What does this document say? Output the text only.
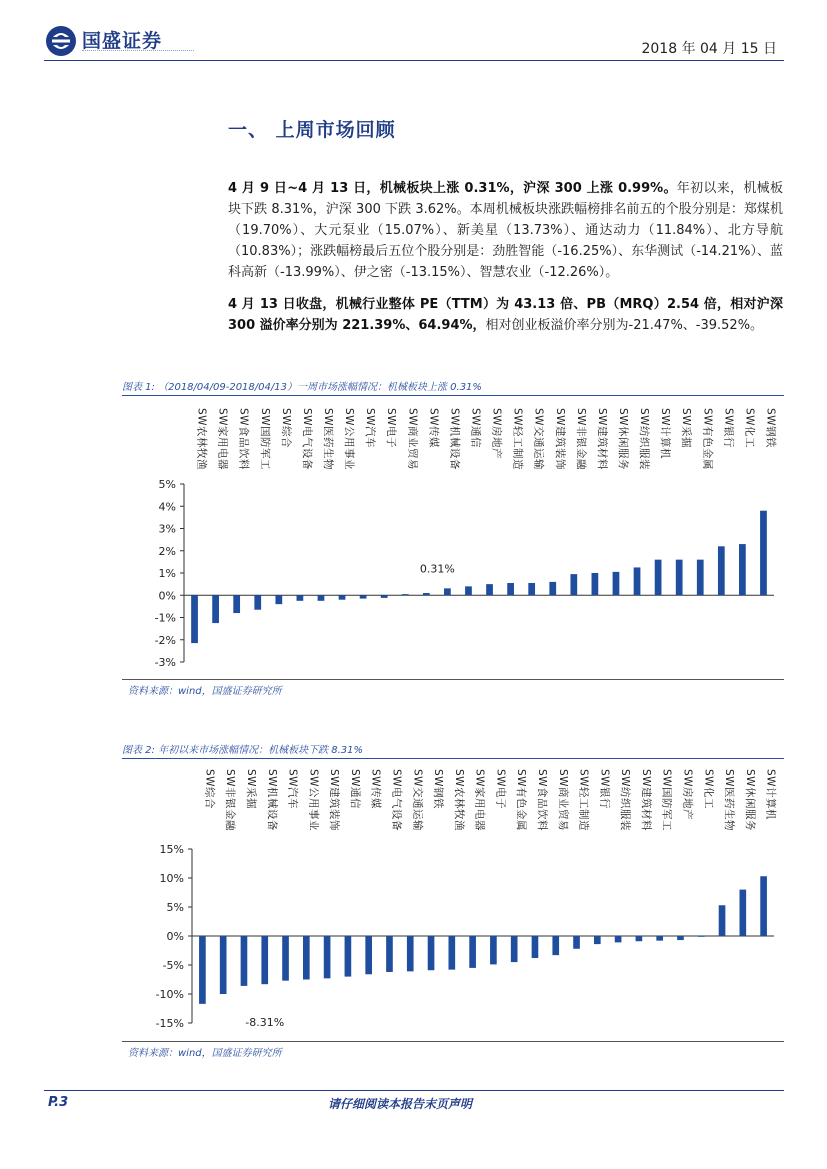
国盛证券	2018 年 04 月 15 日
一、 上周市场回顾
4 月 9 日~4 月 13 日，机械板块上涨 0.31%，沪深 300 上涨 0.99%。年初以来，机械板块下跌 8.31%，沪深 300 下跌 3.62%。本周机械板块涨跌幅榜排名前五的个股分别是：郑煤机（19.70%）、大元泵业（15.07%）、新美星（13.73%）、通达动力（11.84%）、北方导航（10.83%）；涨跌幅榜最后五位个股分别是：劲胜智能（-16.25%）、东华测试（-14.21%）、蓝科高新（-13.99%）、伊之密（-13.15%）、智慧农业（-12.26%）。
4 月 13 日收盘，机械行业整体 PE（TTM）为 43.13 倍、PB（MRQ）2.54 倍，相对沪深 300 溢价率分别为 221.39%、64.94%，相对创业板溢价率分别为-21.47%、-39.52%。
图表 1: （2018/04/09-2018/04/13）一周市场涨幅情况：机械板块上涨 0.31%
5%
4%
3%
2%
1%
0%
-1%
-2%
-3%
SW农林牧渔 SW家用电器 SW食品饮料 SW国防军工 SW综合 SW电气设备 SW医药生物 SW公用事业 SW汽车 SW电子 SW商业贸易 SW传媒 SW机械设备 SW通信 SW房地产 SW轻工制造 SW交通运输 SW建筑装饰 SW非银金融 SW建筑材料 SW休闲服务 SW纺织服装 SW计算机 SW采掘 SW有色金属 SW银行 SW化工 SW钢铁
0.31%
资料来源：wind，国盛证券研究所
图表 2: 年初以来市场涨幅情况：机械板块下跌 8.31%
15%
10%
5%
0%
-5%
-10%
-15%
SW综合 SW非银金融 SW采掘 SW机械设备 SW汽车 SW公用事业 SW建筑装饰 SW通信 SW传媒 SW电气设备 SW交通运输 SW钢铁 SW农林牧渔 SW家用电器 SW电子 SW有色金属 SW食品饮料 SW商业贸易 SW轻工制造 SW银行 SW纺织服装 SW建筑材料 SW国防军工 SW房地产 SW化工 SW医药生物 SW休闲服务 SW计算机
-8.31%
资料来源：wind，国盛证券研究所
P.3	请仔细阅读本报告末页声明
